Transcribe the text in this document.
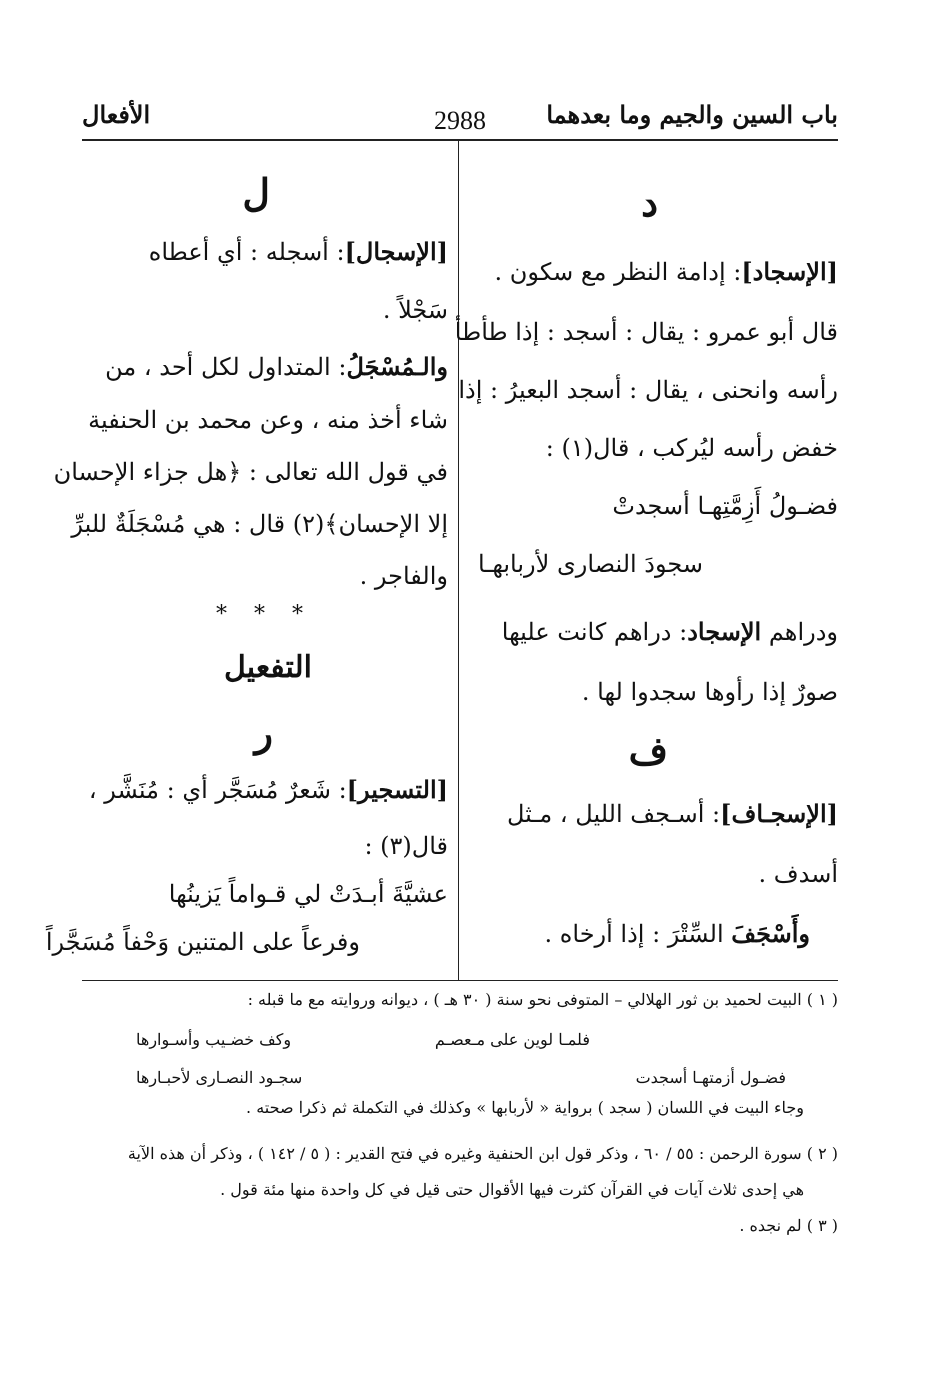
باب السين والجيم وما بعدهما
2988
الأفعال
د
[الإسجاد]: إدامة النظر مع سكون .
قال أبو عمرو : يقال : أسجد : إذا طأطأ
رأسه وانحنى ، يقال : أسجد البعيرُ : إذا
خفض رأسه ليُركب ، قال(١) :
فضـولُ أَزِمَّتِهـا أسجدتْ
سجودَ النصارى لأربابهـا
ودراهم الإسجاد: دراهم كانت عليها
صورٌ إذا رأوها سجدوا لها .
ف
[الإسجـاف]: أسـجف الليل ، مـثل
أسدف .
وأَسْجَفَ السِّتْرَ : إذا أرخاه .
ل
[الإسجال]: أسجله : أي أعطاه
سَجْلاً .
والـمُسْجَلُ: المتداول لكل أحد ، من
شاء أخذ منه ، وعن محمد بن الحنفية
في قول الله تعالى : ﴿هل جزاء الإحسان
إلا الإحسان﴾(٢) قال : هي مُسْجَلَةٌ للبرِّ
والفاجر .
* * *
التفعيل
ر
[التسجير]: شَعرٌ مُسَجَّر أي : مُنَشَّر ،
قال(٣) :
عشيَّةَ أبـدَتْ لي قـواماً يَزينُها
وفرعاً على المتنين وَحْفاً مُسَجَّراً
( ١ ) البيت لحميد بن ثور الهلالي – المتوفى نحو سنة ( ٣٠ هـ ) ، ديوانه وروايته مع ما قبله :
فلمـا لوين على مـعصـم
وكف خضـيب وأسـوارها
فضـول أزمتهـا أسجدت
سجـود النصـارى لأحبـارها
وجاء البيت في اللسان ( سجد ) برواية « لأربابها » وكذلك في التكملة ثم ذكرا صحته .
( ٢ ) سورة الرحمن : ٥٥ / ٦٠ ، وذكر قول ابن الحنفية وغيره في فتح القدير : ( ٥ / ١٤٢ ) ، وذكر أن هذه الآية
هي إحدى ثلاث آيات في القرآن كثرت فيها الأقوال حتى قيل في كل واحدة منها مئة قول .
( ٣ ) لم نجده .
